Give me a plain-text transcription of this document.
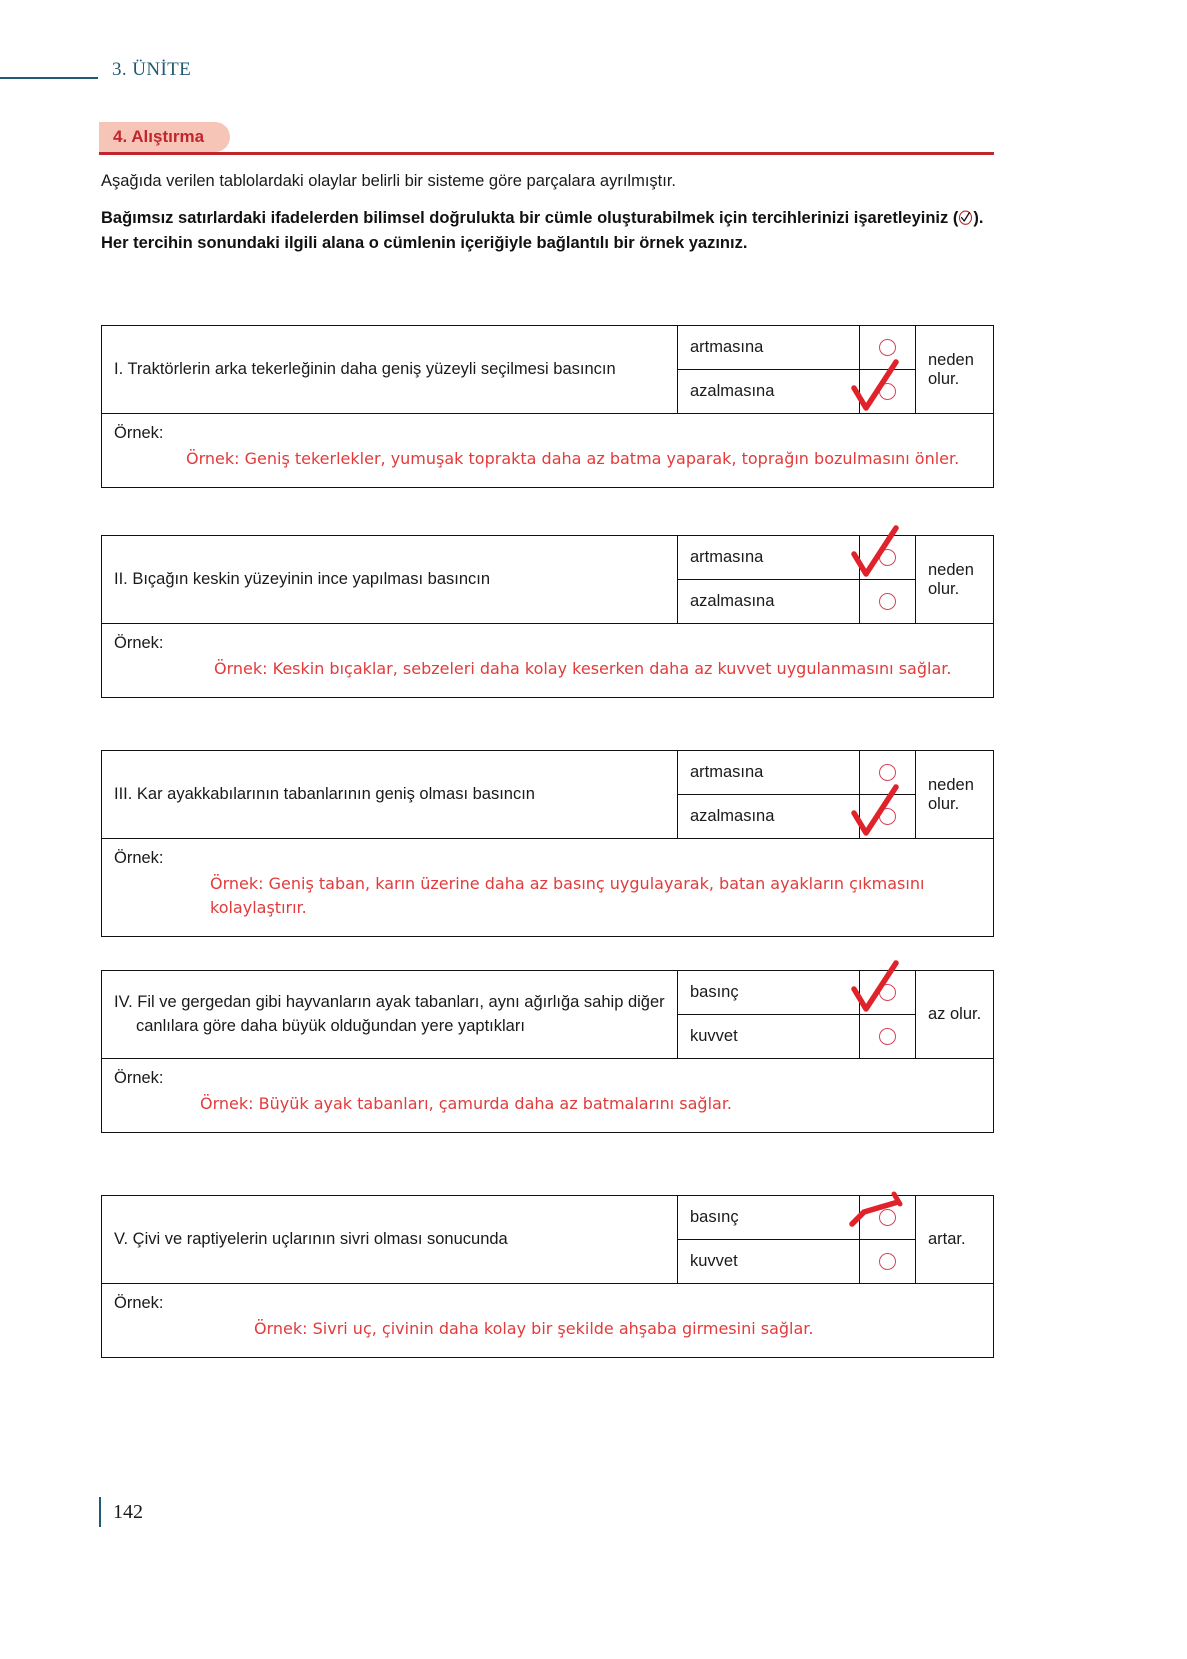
3. ÜNİTE
4. Alıştırma
Aşağıda verilen tablolardaki olaylar belirli bir sisteme göre parçalara ayrılmıştır.
Bağımsız satırlardaki ifadelerden bilimsel doğrulukta bir cümle oluşturabilmek için tercihlerinizi işaretleyiniz ( ). Her tercihin sonundaki ilgili alana o cümlenin içeriğiyle bağlantılı bir örnek yazınız.
I. Traktörlerin arka tekerleğinin daha geniş yüzeyli seçilmesi basıncın
artmasına
azalmasına
neden olur.
Örnek:
Örnek: Geniş tekerlekler, yumuşak toprakta daha az batma yaparak, toprağın bozulmasını önler.
II. Bıçağın keskin yüzeyinin ince yapılması basıncın
artmasına
azalmasına
neden olur.
Örnek:
Örnek: Keskin bıçaklar, sebzeleri daha kolay keserken daha az kuvvet uygulanmasını sağlar.
III. Kar ayakkabılarının tabanlarının geniş olması basıncın
artmasına
azalmasına
neden olur.
Örnek:
Örnek: Geniş taban, karın üzerine daha az basınç uygulayarak, batan ayakların çıkmasını kolaylaştırır.
IV. Fil ve gergedan gibi hayvanların ayak tabanları, aynı ağırlığa sahip diğer canlılara göre daha büyük olduğundan yere yaptıkları
basınç
kuvvet
az olur.
Örnek:
Örnek: Büyük ayak tabanları, çamurda daha az batmalarını sağlar.
V. Çivi ve raptiyelerin uçlarının sivri olması sonucunda
basınç
kuvvet
artar.
Örnek:
Örnek: Sivri uç, çivinin daha kolay bir şekilde ahşaba girmesini sağlar.
142
